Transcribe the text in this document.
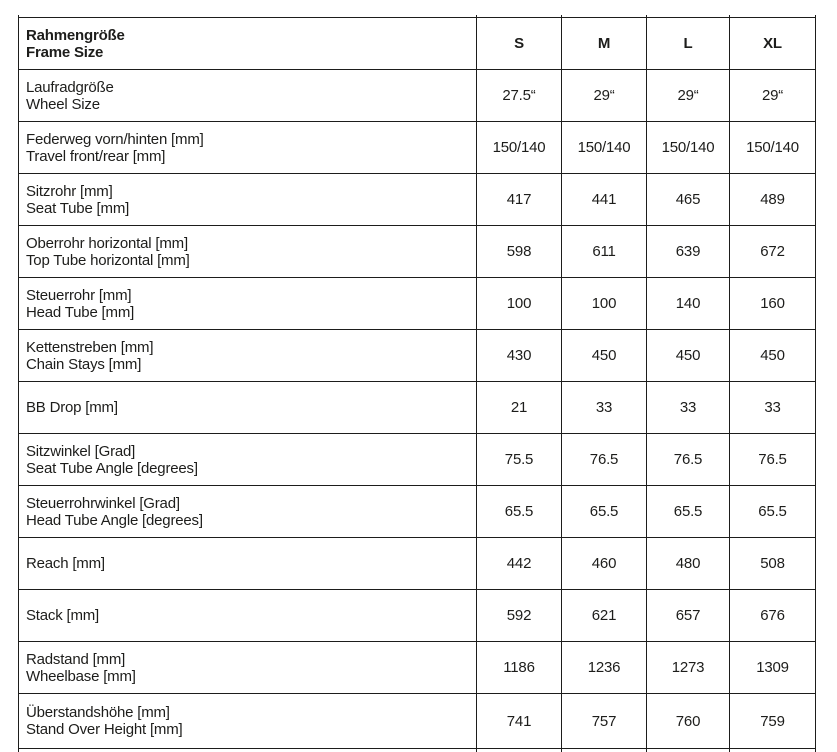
Rahmengröße
Frame Size	S	M	L	XL

Laufradgröße
Wheel Size	27.5“	29“	29“	29“

Federweg vorn/hinten [mm]
Travel front/rear [mm]	150/140	150/140	150/140	150/140

Sitzrohr [mm]
Seat Tube [mm]	417	441	465	489

Oberrohr horizontal [mm]
Top Tube horizontal [mm]	598	611	639	672

Steuerrohr [mm]
Head Tube [mm]	100	100	140	160

Kettenstreben [mm]
Chain Stays [mm]	430	450	450	450

BB Drop [mm]	21	33	33	33

Sitzwinkel [Grad]
Seat Tube Angle [degrees]	75.5	76.5	76.5	76.5

Steuerrohrwinkel [Grad]
Head Tube Angle [degrees]	65.5	65.5	65.5	65.5

Reach [mm]	442	460	480	508

Stack [mm]	592	621	657	676

Radstand [mm]
Wheelbase [mm]	1186	1236	1273	1309

Überstandshöhe [mm]
Stand Over Height [mm]	741	757	760	759
